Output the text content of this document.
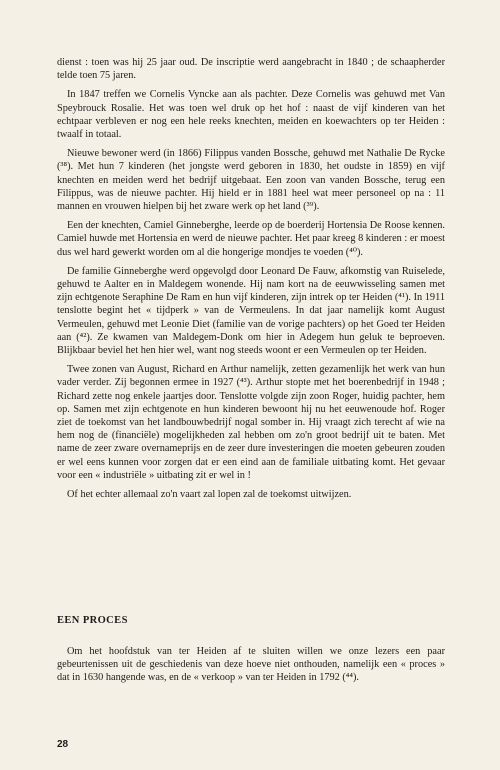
dienst : toen was hij 25 jaar oud. De inscriptie werd aangebracht in 1840 ; de schaapherder telde toen 75 jaren.

In 1847 treffen we Cornelis Vyncke aan als pachter. Deze Cornelis was gehuwd met Van Speybrouck Rosalie. Het was toen wel druk op het hof : naast de vijf kinderen van het echtpaar verbleven er nog een hele reeks knechten, meiden en koewachters op ter Heiden : twaalf in totaal.

Nieuwe bewoner werd (in 1866) Filippus vanden Bossche, gehuwd met Nathalie De Rycke (³⁸). Met hun 7 kinderen (het jongste werd geboren in 1830, het oudste in 1859) en vijf knechten en meiden werd het bedrijf uitgebaat. Een zoon van vanden Bossche, terug een Filippus, was de nieuwe pachter. Hij hield er in 1881 heel wat meer personeel op na : 11 mannen en vrouwen hielpen bij het zware werk op het land (³⁹).

Een der knechten, Camiel Ginneberghe, leerde op de boerderij Hortensia De Roose kennen. Camiel huwde met Hortensia en werd de nieuwe pachter. Het paar kreeg 8 kinderen : er moest dus wel hard gewerkt worden om al die hongerige mondjes te voeden (⁴⁰).

De familie Ginneberghe werd opgevolgd door Leonard De Fauw, afkomstig van Ruiselede, gehuwd te Aalter en in Maldegem wonende. Hij nam kort na de eeuwwisseling samen met zijn echtgenote Seraphine De Ram en hun vijf kinderen, zijn intrek op ter Heiden (⁴¹). In 1911 tenslotte begint het « tijdperk » van de Vermeulens. In dat jaar namelijk komt August Vermeulen, gehuwd met Leonie Diet (familie van de vorige pachters) op het Goed ter Heiden aan (⁴²). Ze kwamen van Maldegem-Donk om hier in Adegem hun geluk te beproeven. Blijkbaar beviel het hen hier wel, want nog steeds woont er een Vermeulen op ter Heiden.

Twee zonen van August, Richard en Arthur namelijk, zetten gezamenlijk het werk van hun vader verder. Zij begonnen ermee in 1927 (⁴³). Arthur stopte met het boerenbedrijf in 1948 ; Richard zette nog enkele jaartjes door. Tenslotte volgde zijn zoon Roger, huidig pachter, hem op. Samen met zijn echtgenote en hun kinderen bewoont hij nu het eeuwenoude hof. Roger ziet de toekomst van het landbouwbedrijf nogal somber in. Hij vraagt zich terecht af wie na hem nog de (financiële) mogelijkheden zal hebben om zo'n groot bedrijf uit te baten. Met name de zeer zware overnameprijs en de zeer dure investeringen die moeten gebeuren zouden er wel eens kunnen voor zorgen dat er een eind aan de familiale uitbating komt. Het gevaar voor een « industriële » uitbating zit er wel in !

Of het echter allemaal zo'n vaart zal lopen zal de toekomst uitwijzen.

EEN PROCES

Om het hoofdstuk van ter Heiden af te sluiten willen we onze lezers een paar gebeurtenissen uit de geschiedenis van deze hoeve niet onthouden, namelijk een « proces » dat in 1630 hangende was, en de « verkoop » van ter Heiden in 1792 (⁴⁴).

28
